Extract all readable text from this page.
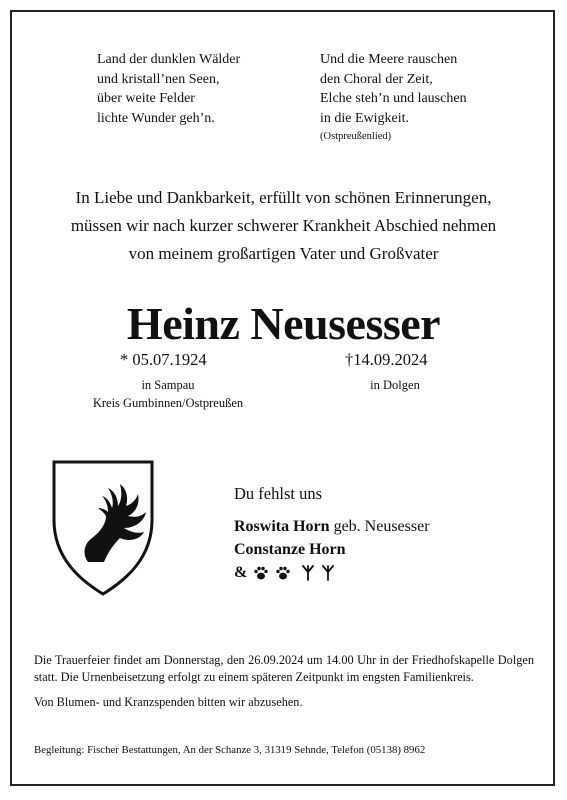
Land der dunklen Wälder
und kristall’nen Seen,
über weite Felder
lichte Wunder geh’n.
Und die Meere rauschen
den Choral der Zeit,
Elche steh’n und lauschen
in die Ewigkeit.
(Ostpreußenlied)
In Liebe und Dankbarkeit, erfüllt von schönen Erinnerungen,
müssen wir nach kurzer schwerer Krankheit Abschied nehmen
von meinem großartigen Vater und Großvater
Heinz Neusesser
* 05.07.1924	†14.09.2024
in Sampau
Kreis Gumbinnen/Ostpreußen
in Dolgen
Du fehlst uns
Roswita Horn geb. Neusesser
Constanze Horn
&

Die Trauerfeier findet am Donnerstag, den 26.09.2024 um 14.00 Uhr in der Friedhofskapelle Dolgen statt. Die Urnenbeisetzung erfolgt zu einem späteren Zeitpunkt im engsten Familienkreis.

Von Blumen- und Kranzspenden bitten wir abzusehen.

Begleitung: Fischer Bestattungen, An der Schanze 3, 31319 Sehnde, Telefon (05138) 8962
